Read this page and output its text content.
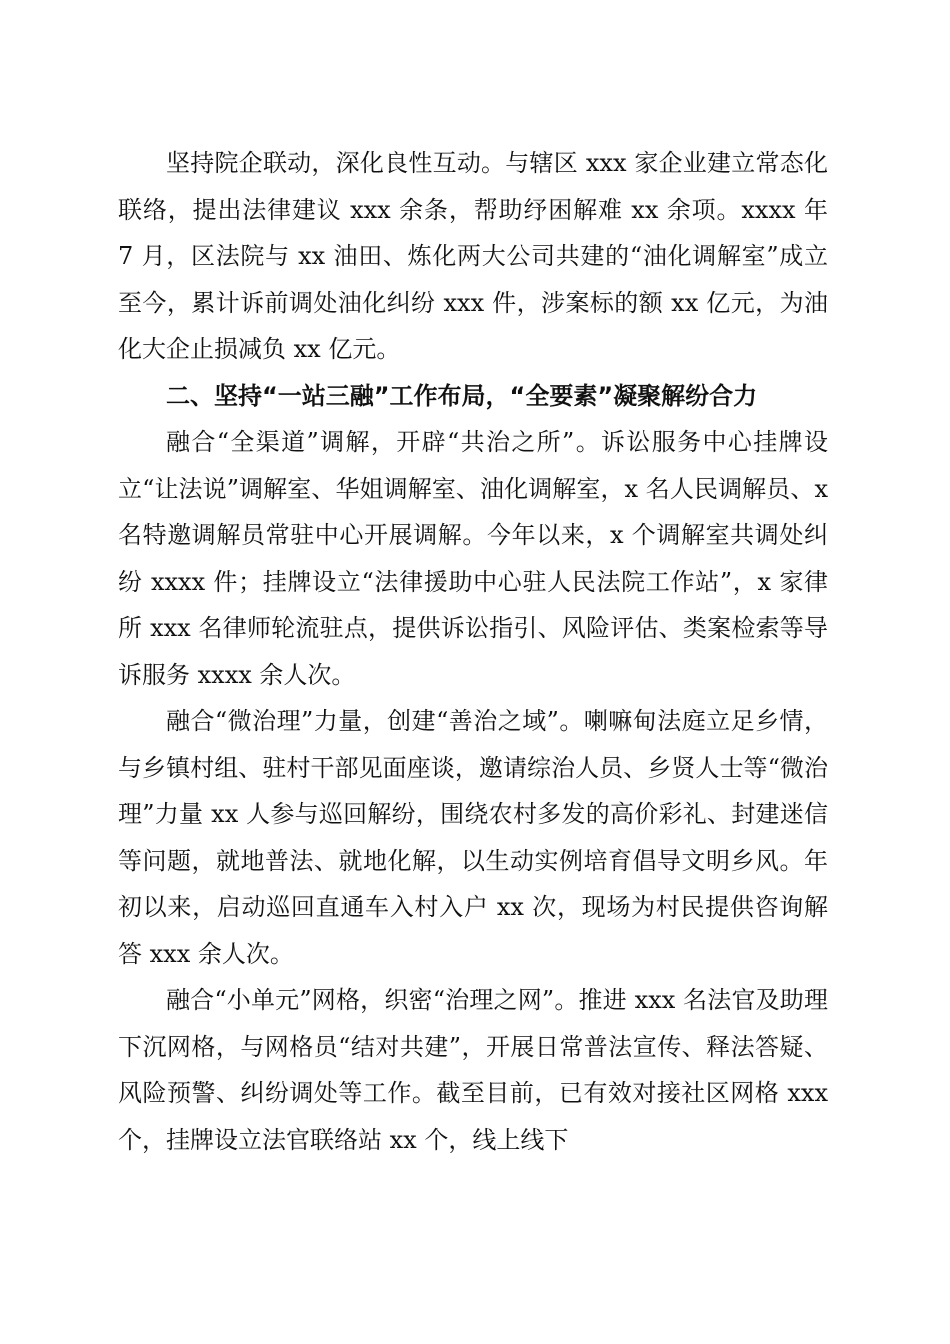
坚持院企联动，深化良性互动。与辖区 xxx 家企业建立常态化联络，提出法律建议 xxx 余条，帮助纾困解难 xx 余项。xxxx 年 7 月，区法院与 xx 油田、炼化两大公司共建的“油化调解室”成立至今，累计诉前调处油化纠纷 xxx 件，涉案标的额 xx 亿元，为油化大企止损减负 xx 亿元。

二、坚持“一站三融”工作布局，“全要素”凝聚解纷合力

融合“全渠道”调解，开辟“共治之所”。诉讼服务中心挂牌设立“让法说”调解室、华姐调解室、油化调解室，x 名人民调解员、x 名特邀调解员常驻中心开展调解。今年以来，x 个调解室共调处纠纷 xxxx 件；挂牌设立“法律援助中心驻人民法院工作站”，x 家律所 xxx 名律师轮流驻点，提供诉讼指引、风险评估、类案检索等导诉服务 xxxx 余人次。

融合“微治理”力量，创建“善治之域”。喇嘛甸法庭立足乡情，与乡镇村组、驻村干部见面座谈，邀请综治人员、乡贤人士等“微治理”力量 xx 人参与巡回解纷，围绕农村多发的高价彩礼、封建迷信等问题，就地普法、就地化解，以生动实例培育倡导文明乡风。年初以来，启动巡回直通车入村入户 xx 次，现场为村民提供咨询解答 xxx 余人次。

融合“小单元”网格，织密“治理之网”。推进 xxx 名法官及助理下沉网格，与网格员“结对共建”，开展日常普法宣传、释法答疑、风险预警、纠纷调处等工作。截至目前，已有效对接社区网格 xxx 个，挂牌设立法官联络站 xx 个，线上线下
